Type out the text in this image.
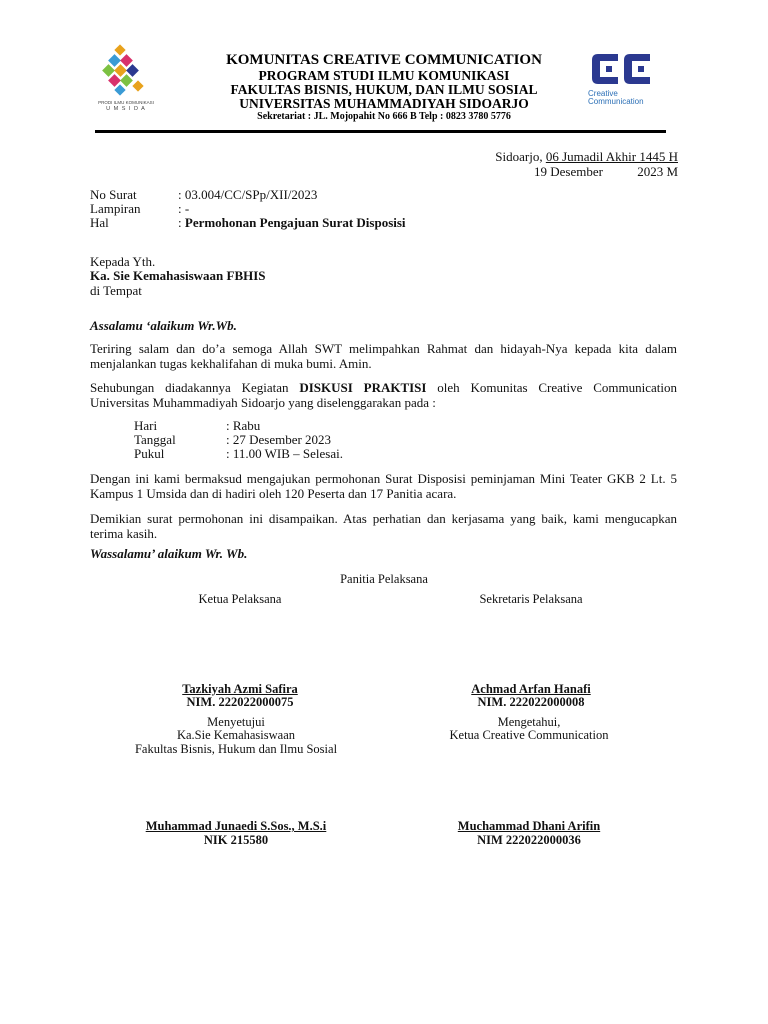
PRODI ILMU KOMUNIKASI
U M S I D A
KOMUNITAS CREATIVE COMMUNICATION
PROGRAM STUDI ILMU KOMUNIKASI
FAKULTAS BISNIS, HUKUM, DAN ILMU SOSIAL
UNIVERSITAS MUHAMMADIYAH SIDOARJO
Sekretariat : JL. Mojopahit No 666 B Telp : 0823 3780 5776
Creative
Communication
Sidoarjo, 06 Jumadil Akhir 1445 H
19 Desember	2023 M
No Surat	: 03.004/CC/SPp/XII/2023
Lampiran	: -
Hal	: Permohonan Pengajuan Surat Disposisi
Kepada Yth.
Ka. Sie Kemahasiswaan FBHIS
di Tempat
Assalamu ‘alaikum Wr.Wb.
Teriring salam dan do’a semoga Allah SWT melimpahkan Rahmat dan hidayah-Nya kepada kita dalam menjalankan tugas kekhalifahan di muka bumi. Amin.
Sehubungan diadakannya Kegiatan DISKUSI PRAKTISI oleh Komunitas Creative Communication Universitas Muhammadiyah Sidoarjo yang diselenggarakan pada :
Hari	: Rabu
Tanggal	: 27 Desember 2023
Pukul	: 11.00 WIB – Selesai.
Dengan ini kami bermaksud mengajukan permohonan Surat Disposisi peminjaman Mini Teater GKB 2 Lt. 5 Kampus 1 Umsida dan di hadiri oleh 120 Peserta dan 17 Panitia acara.
Demikian surat permohonan ini disampaikan. Atas perhatian dan kerjasama yang baik, kami mengucapkan terima kasih.
Wassalamu’ alaikum Wr. Wb.
Panitia Pelaksana
Ketua Pelaksana	Sekretaris Pelaksana
Tazkiyah Azmi Safira
NIM. 222022000075
Achmad Arfan Hanafi
NIM. 222022000008
Menyetujui
Ka.Sie Kemahasiswaan
Fakultas Bisnis, Hukum dan Ilmu Sosial
Mengetahui,
Ketua Creative Communication
Muhammad Junaedi S.Sos., M.S.i
NIK 215580
Muchammad Dhani Arifin
NIM 222022000036
